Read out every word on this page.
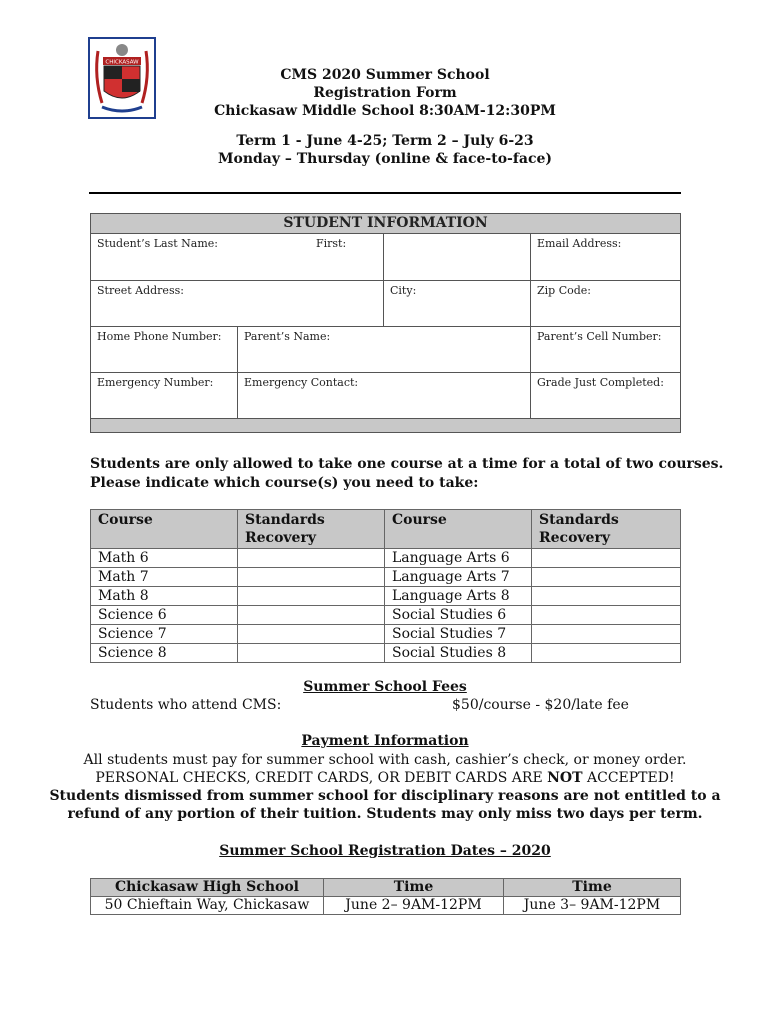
CHICKASAW
CMS 2020 Summer School
Registration Form
Chickasaw Middle School 8:30AM-12:30PM
Term 1 - June 4-25; Term 2 – July 6-23
Monday – Thursday (online & face-to-face)
STUDENT INFORMATION			
Student’s Last Name:		First:	Email Address:
Street Address:		City:	Zip Code:
Home Phone Number:	Parent’s Name:		Parent’s Cell Number:
Emergency Number:	Emergency Contact:		Grade Just Completed:

Students are only allowed to take one course at a time for a total of two courses.
Please indicate which course(s) you need to take:
Course	Standards Recovery	Course	Standards Recovery
Math 6		Language Arts 6	
Math 7		Language Arts 7	
Math 8		Language Arts 8	
Science 6		Social Studies 6	
Science 7		Social Studies 7	
Science 8		Social Studies 8	
Summer School Fees
Students who attend CMS:	$50/course - $20/late fee
Payment Information
All students must pay for summer school with cash, cashier’s check, or money order.
PERSONAL CHECKS, CREDIT CARDS, OR DEBIT CARDS ARE NOT ACCEPTED!
Students dismissed from summer school for disciplinary reasons are not entitled to a
refund of any portion of their tuition. Students may only miss two days per term.
Summer School Registration Dates – 2020
Chickasaw High School	Time	Time
50 Chieftain Way, Chickasaw	June 2– 9AM-12PM	June 3– 9AM-12PM
